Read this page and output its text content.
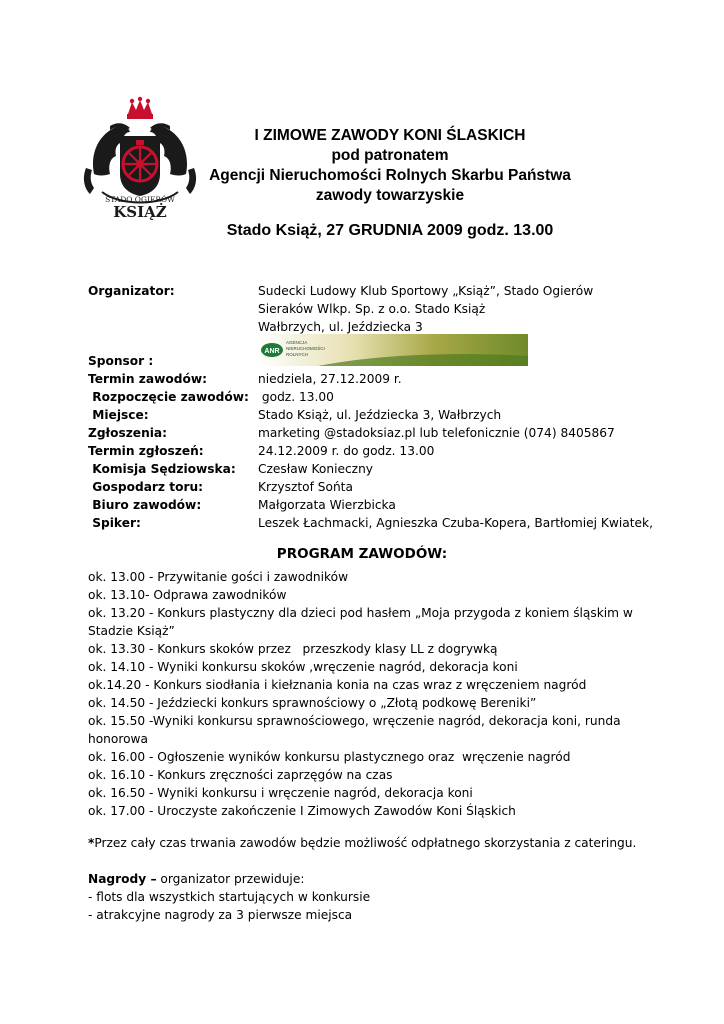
STADO OGIERÓW
KSIĄŻ
I ZIMOWE ZAWODY KONI ŚLASKICH
pod patronatem
Agencji Nieruchomości Rolnych Skarbu Państwa
zawody towarzyskie
Stado Książ, 27 GRUDNIA 2009 godz. 13.00
Organizator:	Sudecki Ludowy Klub Sportowy „Książ”, Stado Ogierów
Sieraków Wlkp. Sp. z o.o. Stado Książ
Wałbrzych, ul. Jeździecka 3
Sponsor :
ANR
AGENCJA
NIERUCHOMOŚCI
ROLNYCH
Termin zawodów:	niedziela, 27.12.2009 r.
Rozpoczęcie zawodów: godz. 13.00
Miejsce:	Stado Książ, ul. Jeździecka 3, Wałbrzych
Zgłoszenia:	marketing @stadoksiaz.pl lub telefonicznie (074) 8405867
Termin zgłoszeń:	24.12.2009 r. do godz. 13.00
Komisja Sędziowska: Czesław Konieczny
Gospodarz toru:	Krzysztof Sońta
Biuro zawodów:	Małgorzata Wierzbicka
Spiker:	Leszek Łachmacki, Agnieszka Czuba-Kopera, Bartłomiej Kwiatek,
PROGRAM ZAWODÓW:
ok. 13.00 - Przywitanie gości i zawodników
ok. 13.10- Odprawa zawodników
ok. 13.20 - Konkurs plastyczny dla dzieci pod hasłem „Moja przygoda z koniem śląskim w
Stadzie Książ”
ok. 13.30 - Konkurs skoków przez   przeszkody klasy LL z dogrywką
ok. 14.10 - Wyniki konkursu skoków ,wręczenie nagród, dekoracja koni
ok.14.20 - Konkurs siodłania i kiełznania konia na czas wraz z wręczeniem nagród
ok. 14.50 - Jeździecki konkurs sprawnościowy o „Złotą podkowę Bereniki”
ok. 15.50 -Wyniki konkursu sprawnościowego, wręczenie nagród, dekoracja koni, runda
honorowa
ok. 16.00 - Ogłoszenie wyników konkursu plastycznego oraz  wręczenie nagród
ok. 16.10 - Konkurs zręczności zaprzęgów na czas
ok. 16.50 - Wyniki konkursu i wręczenie nagród, dekoracja koni
ok. 17.00 - Uroczyste zakończenie I Zimowych Zawodów Koni Śląskich
*Przez cały czas trwania zawodów będzie możliwość odpłatnego skorzystania z cateringu.
Nagrody – organizator przewiduje:
- flots dla wszystkich startujących w konkursie
- atrakcyjne nagrody za 3 pierwsze miejsca
